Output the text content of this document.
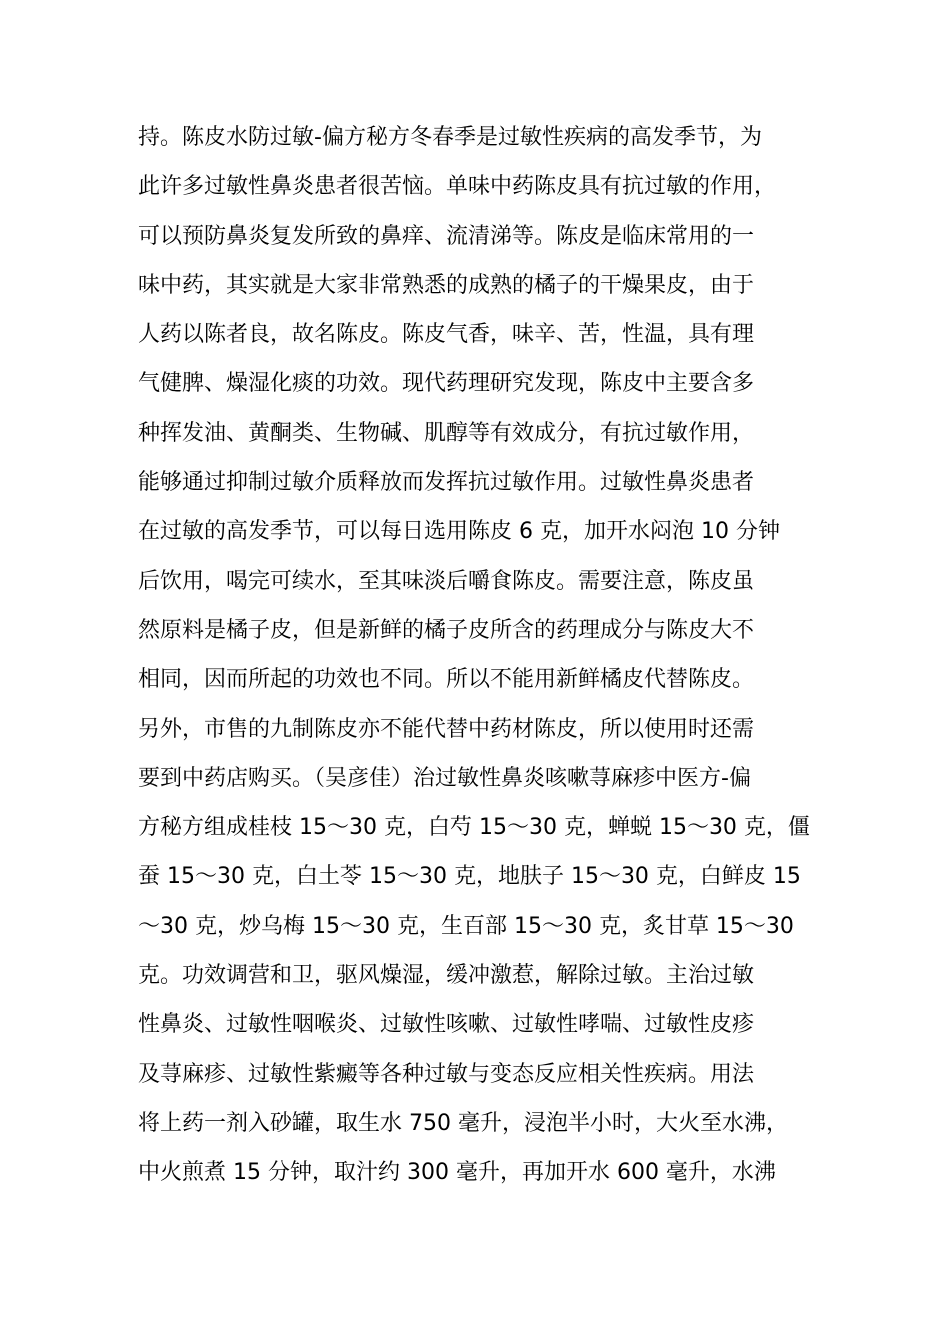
持。陈皮水防过敏-偏方秘方冬春季是过敏性疾病的高发季节，为
此许多过敏性鼻炎患者很苦恼。单味中药陈皮具有抗过敏的作用，
可以预防鼻炎复发所致的鼻痒、流清涕等。陈皮是临床常用的一
味中药，其实就是大家非常熟悉的成熟的橘子的干燥果皮，由于
人药以陈者良，故名陈皮。陈皮气香，味辛、苦，性温，具有理
气健脾、燥湿化痰的功效。现代药理研究发现，陈皮中主要含多
种挥发油、黄酮类、生物碱、肌醇等有效成分，有抗过敏作用，
能够通过抑制过敏介质释放而发挥抗过敏作用。过敏性鼻炎患者
在过敏的高发季节，可以每日选用陈皮 6 克，加开水闷泡 10 分钟
后饮用，喝完可续水，至其味淡后嚼食陈皮。需要注意，陈皮虽
然原料是橘子皮，但是新鲜的橘子皮所含的药理成分与陈皮大不
相同，因而所起的功效也不同。所以不能用新鲜橘皮代替陈皮。
另外，市售的九制陈皮亦不能代替中药材陈皮，所以使用时还需
要到中药店购买。（吴彦佳）治过敏性鼻炎咳嗽荨麻疹中医方-偏
方秘方组成桂枝 15～30 克，白芍 15～30 克，蝉蜕 15～30 克，僵
蚕 15～30 克，白土苓 15～30 克，地肤子 15～30 克，白鲜皮 15
～30 克，炒乌梅 15～30 克，生百部 15～30 克，炙甘草 15～30
克。功效调营和卫，驱风燥湿，缓冲激惹，解除过敏。主治过敏
性鼻炎、过敏性咽喉炎、过敏性咳嗽、过敏性哮喘、过敏性皮疹
及荨麻疹、过敏性紫癜等各种过敏与变态反应相关性疾病。用法
将上药一剂入砂罐，取生水 750 毫升，浸泡半小时，大火至水沸，
中火煎煮 15 分钟，取汁约 300 毫升，再加开水 600 毫升，水沸
